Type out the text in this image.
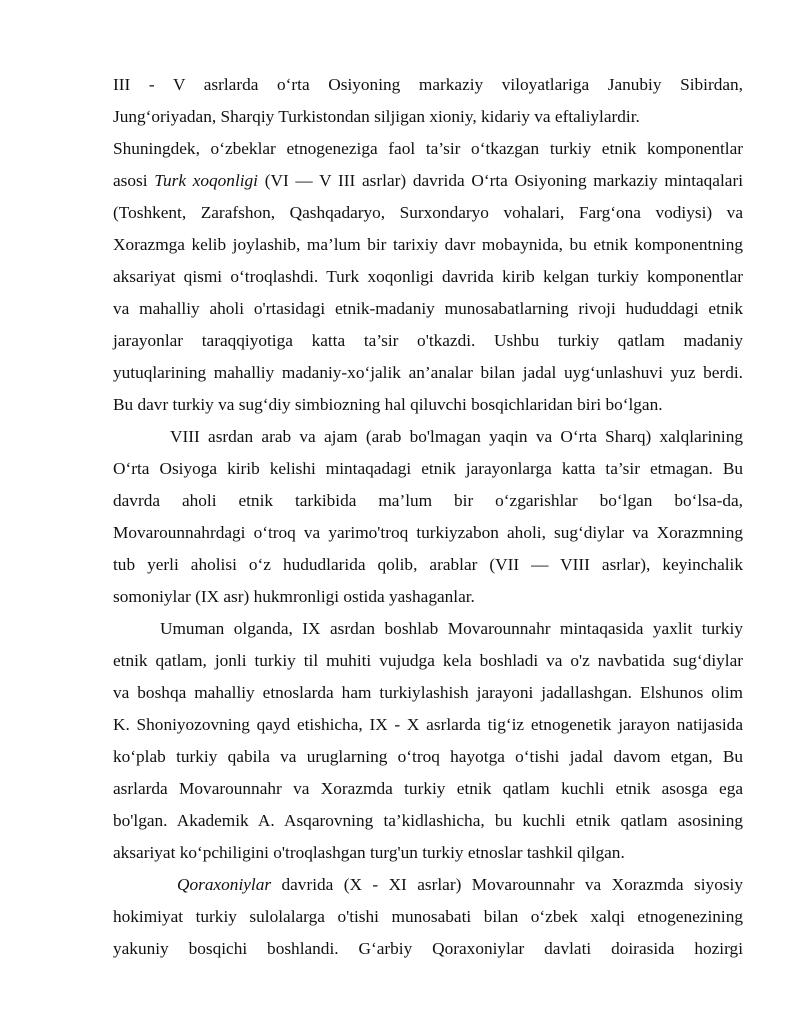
III - V asrlarda o‘rta Osiyoning markaziy viloyatlariga Janubiy Sibirdan,
Jung‘oriyadan, Sharqiy Turkistondan siljigan xioniy, kidariy va eftaliylardir.
Shuningdek, o‘zbeklar etnogeneziga faol ta’sir o‘tkazgan turkiy etnik komponentlar
asosi Turk xoqonligi (VI — V III asrlar) davrida O‘rta Osiyoning markaziy mintaqalari
(Toshkent, Zarafshon, Qashqadaryo, Surxondaryo vohalari, Farg‘ona vodiysi) va
Xorazmga kelib joylashib, ma’lum bir tarixiy davr mobaynida, bu etnik komponentning
aksariyat qismi o‘troqlashdi. Turk xoqonligi davrida kirib kelgan turkiy komponentlar
va mahalliy aholi o'rtasidagi etnik-madaniy munosabatlarning rivoji hududdagi etnik
jarayonlar taraqqiyotiga katta ta’sir o'tkazdi. Ushbu turkiy qatlam madaniy
yutuqlarining mahalliy madaniy-xo‘jalik an’analar bilan jadal uyg‘unlashuvi yuz berdi.
Bu davr turkiy va sug‘diy simbiozning hal qiluvchi bosqichlaridan biri bo‘lgan.
VIII asrdan arab va ajam (arab bo'lmagan yaqin va O‘rta Sharq) xalqlarining
O‘rta Osiyoga kirib kelishi mintaqadagi etnik jarayonlarga katta ta’sir etmagan. Bu
davrda aholi etnik tarkibida ma’lum bir o‘zgarishlar bo‘lgan bo‘lsa-da,
Movarounnahrdagi o‘troq va yarimo'troq turkiyzabon aholi, sug‘diylar va Xorazmning
tub yerli aholisi o‘z hududlarida qolib, arablar (VII — VIII asrlar), keyinchalik
somoniylar (IX asr) hukmronligi ostida yashaganlar.
Umuman olganda, IX asrdan boshlab Movarounnahr mintaqasida yaxlit turkiy
etnik qatlam, jonli turkiy til muhiti vujudga kela boshladi va o'z navbatida sug‘diylar
va boshqa mahalliy etnoslarda ham turkiylashish jarayoni jadallashgan. Elshunos olim
K. Shoniyozovning qayd etishicha, IX - X asrlarda tig‘iz etnogenetik jarayon natijasida
ko‘plab turkiy qabila va uruglarning o‘troq hayotga o‘tishi jadal davom etgan, Bu
asrlarda Movarounnahr va Xorazmda turkiy etnik qatlam kuchli etnik asosga ega
bo'lgan. Akademik A. Asqarovning ta’kidlashicha, bu kuchli etnik qatlam asosining
aksariyat ko‘pchiligini o'troqlashgan turg'un turkiy etnoslar tashkil qilgan.
Qoraxoniylar davrida (X - XI asrlar) Movarounnahr va Xorazmda siyosiy
hokimiyat turkiy sulolalarga o'tishi munosabati bilan o‘zbek xalqi etnogenezining
yakuniy bosqichi boshlandi. G‘arbiy Qoraxoniylar davlati doirasida hozirgi
